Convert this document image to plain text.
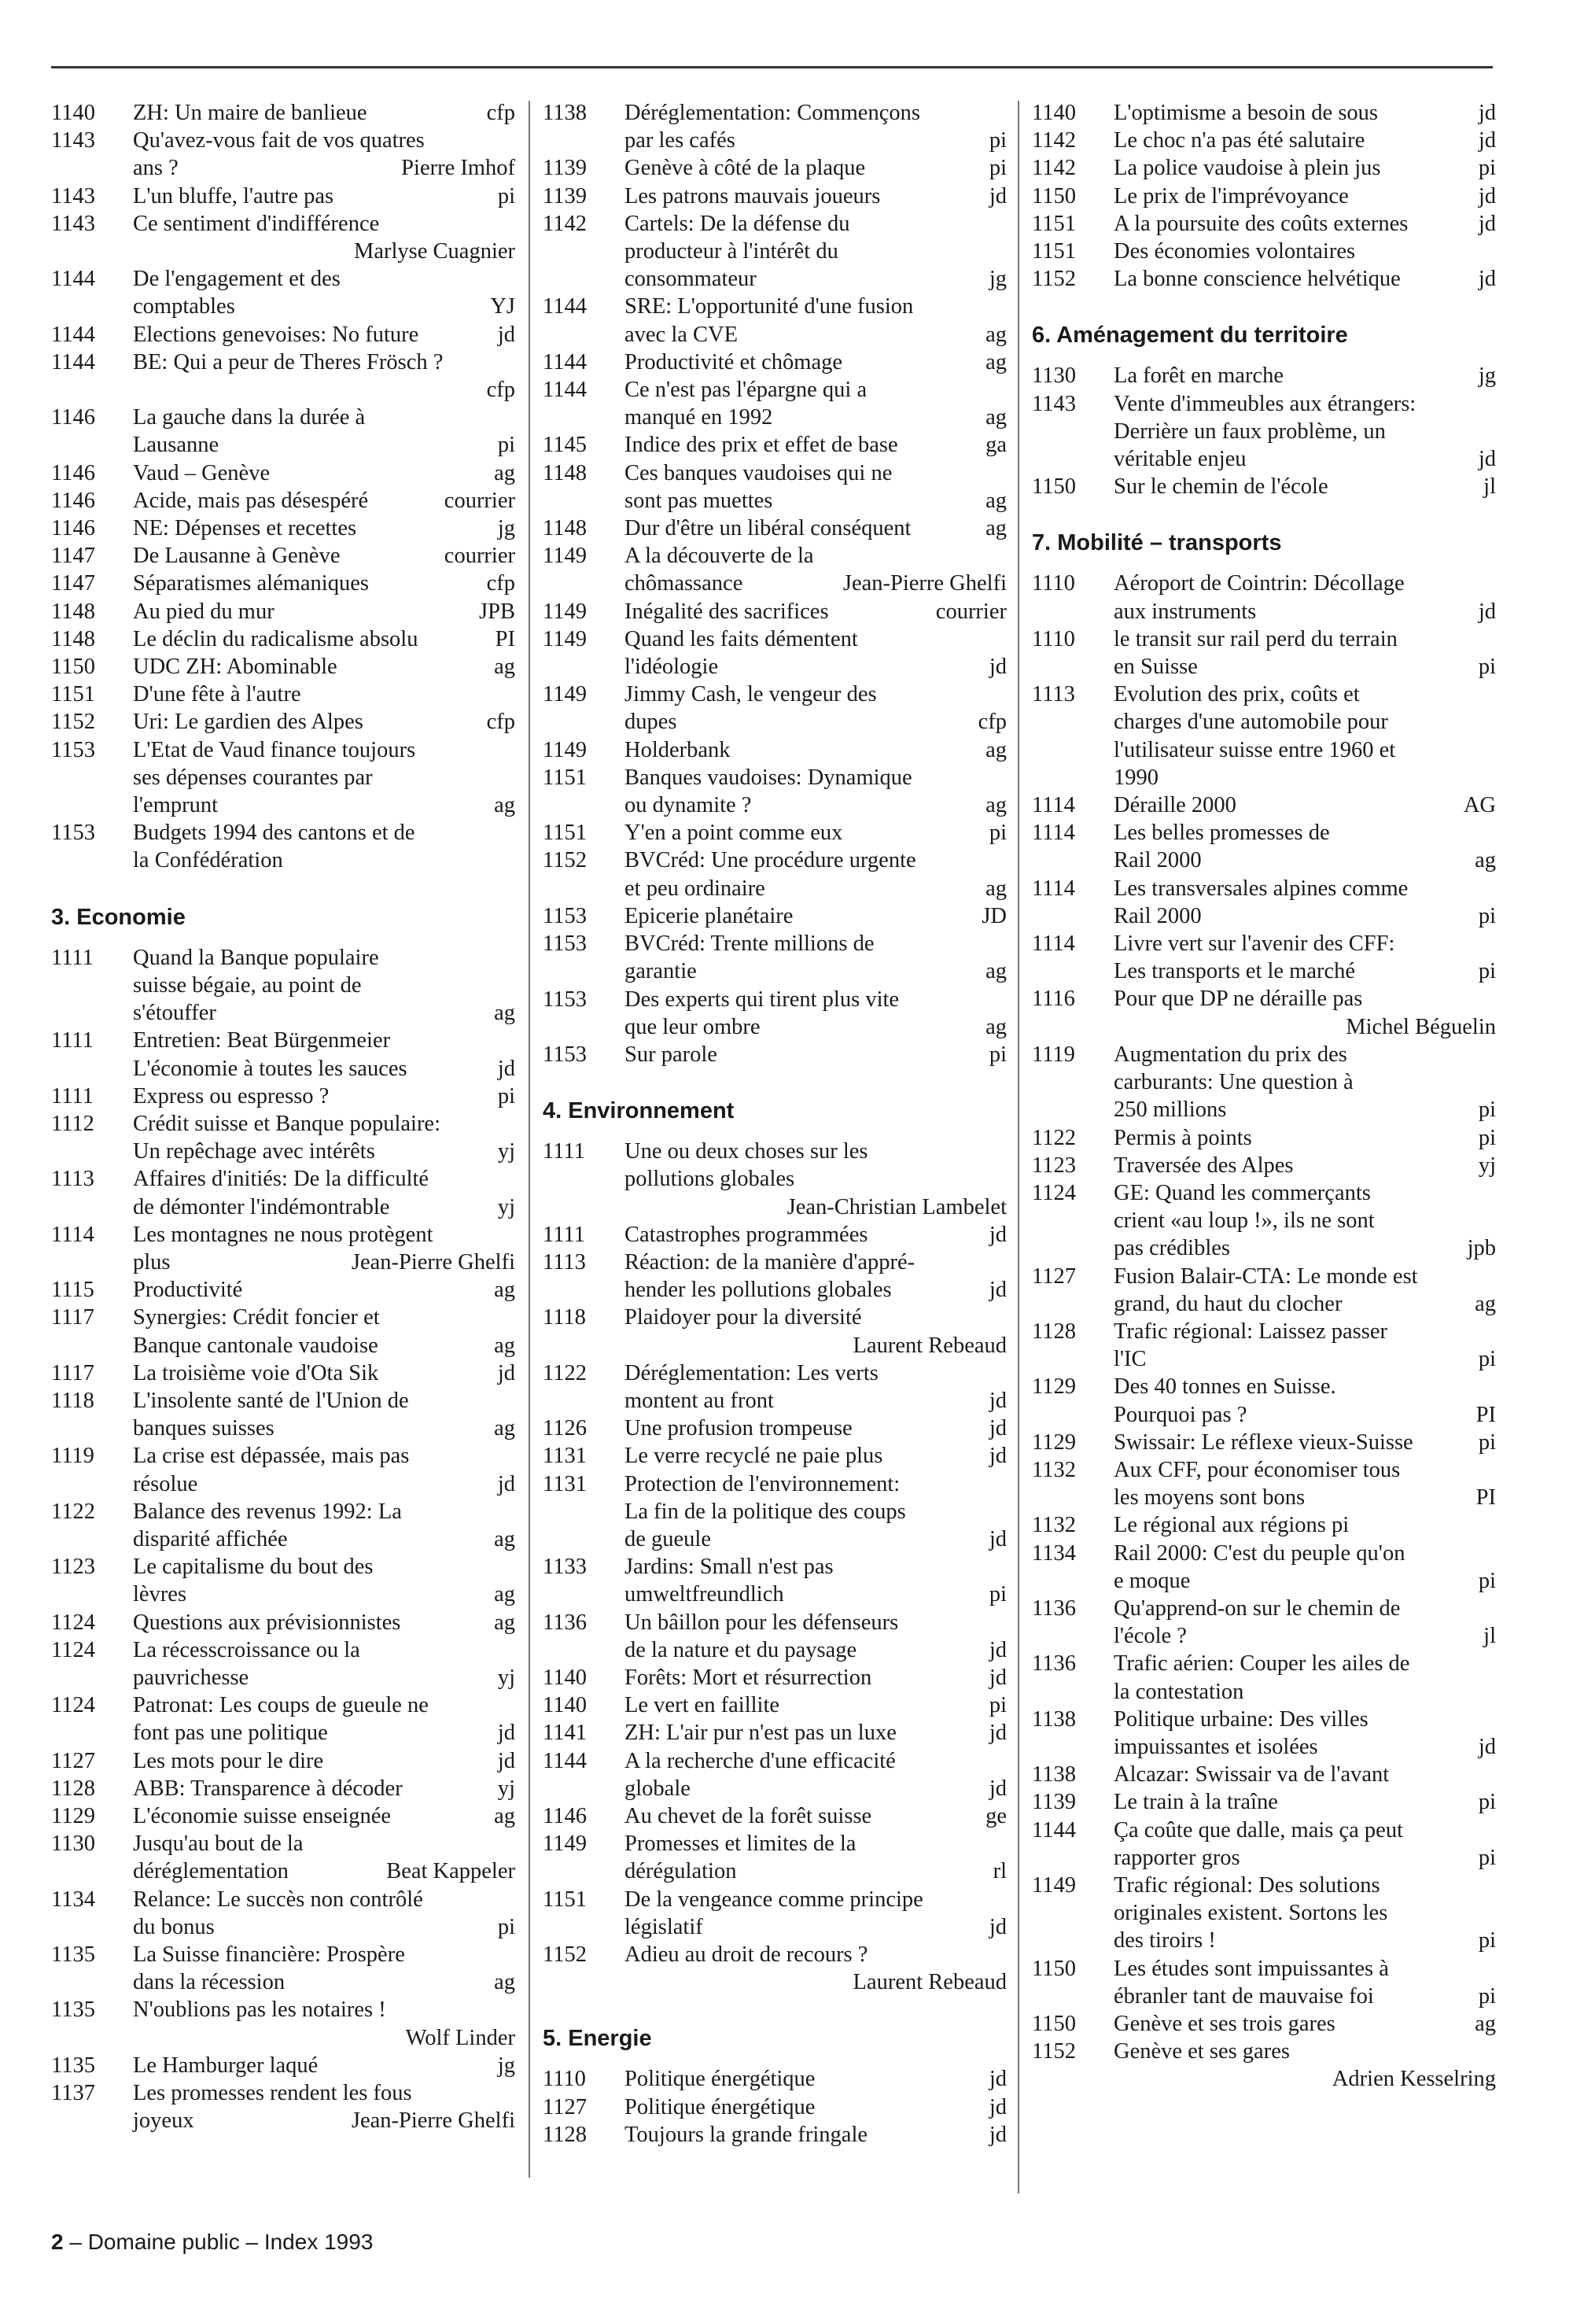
1140	ZH: Un maire de banlieue	cfp
1143	Qu'avez-vous fait de vos quatres
ans ?	Pierre Imhof
1143	L'un bluffe, l'autre pas	pi
1143	Ce sentiment d'indifférence
Marlyse Cuagnier
1144	De l'engagement et des
comptables	YJ
1144	Elections genevoises: No future	jd
1144	BE: Qui a peur de Theres Frösch ?
cfp
1146	La gauche dans la durée à
Lausanne	pi
1146	Vaud – Genève	ag
1146	Acide, mais pas désespéré	courrier
1146	NE: Dépenses et recettes	jg
1147	De Lausanne à Genève	courrier
1147	Séparatismes alémaniques	cfp
1148	Au pied du mur	JPB
1148	Le déclin du radicalisme absolu	PI
1150	UDC ZH: Abominable	ag
1151	D'une fête à l'autre
1152	Uri: Le gardien des Alpes	cfp
1153	L'Etat de Vaud finance toujours
ses dépenses courantes par
l'emprunt	ag
1153	Budgets 1994 des cantons et de
la Confédération
3. Economie
1111	Quand la Banque populaire
suisse bégaie, au point de
s'étouffer	ag
1111	Entretien: Beat Bürgenmeier
L'économie à toutes les sauces	jd
1111	Express ou espresso ?	pi
1112	Crédit suisse et Banque populaire:
Un repêchage avec intérêts	yj
1113	Affaires d'initiés: De la difficulté
de démonter l'indémontrable	yj
1114	Les montagnes ne nous protègent
plus	Jean-Pierre Ghelfi
1115	Productivité	ag
1117	Synergies: Crédit foncier et
Banque cantonale vaudoise	ag
1117	La troisième voie d'Ota Sik	jd
1118	L'insolente santé de l'Union de
banques suisses	ag
1119	La crise est dépassée, mais pas
résolue	jd
1122	Balance des revenus 1992: La
disparité affichée	ag
1123	Le capitalisme du bout des
lèvres	ag
1124	Questions aux prévisionnistes	ag
1124	La récesscroissance ou la
pauvrichesse	yj
1124	Patronat: Les coups de gueule ne
font pas une politique	jd
1127	Les mots pour le dire	jd
1128	ABB: Transparence à décoder	yj
1129	L'économie suisse enseignée	ag
1130	Jusqu'au bout de la
déréglementation	Beat Kappeler
1134	Relance: Le succès non contrôlé
du bonus	pi
1135	La Suisse financière: Prospère
dans la récession	ag
1135	N'oublions pas les notaires !
Wolf Linder
1135	Le Hamburger laqué	jg
1137	Les promesses rendent les fous
joyeux	Jean-Pierre Ghelfi
1138	Déréglementation: Commençons
par les cafés	pi
1139	Genève à côté de la plaque	pi
1139	Les patrons mauvais joueurs	jd
1142	Cartels: De la défense du
producteur à l'intérêt du
consommateur	jg
1144	SRE: L'opportunité d'une fusion
avec la CVE	ag
1144	Productivité et chômage	ag
1144	Ce n'est pas l'épargne qui a
manqué en 1992	ag
1145	Indice des prix et effet de base	ga
1148	Ces banques vaudoises qui ne
sont pas muettes	ag
1148	Dur d'être un libéral conséquent	ag
1149	A la découverte de la
chômassance	Jean-Pierre Ghelfi
1149	Inégalité des sacrifices	courrier
1149	Quand les faits démentent
l'idéologie	jd
1149	Jimmy Cash, le vengeur des
dupes	cfp
1149	Holderbank	ag
1151	Banques vaudoises: Dynamique
ou dynamite ?	ag
1151	Y'en a point comme eux	pi
1152	BVCréd: Une procédure urgente
et peu ordinaire	ag
1153	Epicerie planétaire	JD
1153	BVCréd: Trente millions de
garantie	ag
1153	Des experts qui tirent plus vite
que leur ombre	ag
1153	Sur parole	pi
4. Environnement
1111	Une ou deux choses sur les
pollutions globales
Jean-Christian Lambelet
1111	Catastrophes programmées	jd
1113	Réaction: de la manière d'appré-
hender les pollutions globales	jd
1118	Plaidoyer pour la diversité
Laurent Rebeaud
1122	Déréglementation: Les verts
montent au front	jd
1126	Une profusion trompeuse	jd
1131	Le verre recyclé ne paie plus	jd
1131	Protection de l'environnement:
La fin de la politique des coups
de gueule	jd
1133	Jardins: Small n'est pas
umweltfreundlich	pi
1136	Un bâillon pour les défenseurs
de la nature et du paysage	jd
1140	Forêts: Mort et résurrection	jd
1140	Le vert en faillite	pi
1141	ZH: L'air pur n'est pas un luxe	jd
1144	A la recherche d'une efficacité
globale	jd
1146	Au chevet de la forêt suisse	ge
1149	Promesses et limites de la
dérégulation	rl
1151	De la vengeance comme principe
législatif	jd
1152	Adieu au droit de recours ?
Laurent Rebeaud
5. Energie
1110	Politique énergétique	jd
1127	Politique énergétique	jd
1128	Toujours la grande fringale	jd
1140	L'optimisme a besoin de sous	jd
1142	Le choc n'a pas été salutaire	jd
1142	La police vaudoise à plein jus	pi
1150	Le prix de l'imprévoyance	jd
1151	A la poursuite des coûts externes	jd
1151	Des économies volontaires
1152	La bonne conscience helvétique	jd
6. Aménagement du territoire
1130	La forêt en marche	jg
1143	Vente d'immeubles aux étrangers:
Derrière un faux problème, un
véritable enjeu	jd
1150	Sur le chemin de l'école	jl
7. Mobilité – transports
1110	Aéroport de Cointrin: Décollage
aux instruments	jd
1110	le transit sur rail perd du terrain
en Suisse	pi
1113	Evolution des prix, coûts et
charges d'une automobile pour
l'utilisateur suisse entre 1960 et
1990
1114	Déraille 2000	AG
1114	Les belles promesses de
Rail 2000	ag
1114	Les transversales alpines comme
Rail 2000	pi
1114	Livre vert sur l'avenir des CFF:
Les transports et le marché	pi
1116	Pour que DP ne déraille pas
Michel Béguelin
1119	Augmentation du prix des
carburants: Une question à
250 millions	pi
1122	Permis à points	pi
1123	Traversée des Alpes	yj
1124	GE: Quand les commerçants
crient «au loup !», ils ne sont
pas crédibles	jpb
1127	Fusion Balair-CTA: Le monde est
grand, du haut du clocher	ag
1128	Trafic régional: Laissez passer
l'IC	pi
1129	Des 40 tonnes en Suisse.
Pourquoi pas ?	PI
1129	Swissair: Le réflexe vieux-Suisse	pi
1132	Aux CFF, pour économiser tous
les moyens sont bons	PI
1132	Le régional aux régions pi
1134	Rail 2000: C'est du peuple qu'on
e moque	pi
1136	Qu'apprend-on sur le chemin de
l'école ?	jl
1136	Trafic aérien: Couper les ailes de
la contestation
1138	Politique urbaine: Des villes
impuissantes et isolées	jd
1138	Alcazar: Swissair va de l'avant
1139	Le train à la traîne	pi
1144	Ça coûte que dalle, mais ça peut
rapporter gros	pi
1149	Trafic régional: Des solutions
originales existent. Sortons les
des tiroirs !	pi
1150	Les études sont impuissantes à
ébranler tant de mauvaise foi	pi
1150	Genève et ses trois gares	ag
1152	Genève et ses gares
Adrien Kesselring
2 – Domaine public – Index 1993
